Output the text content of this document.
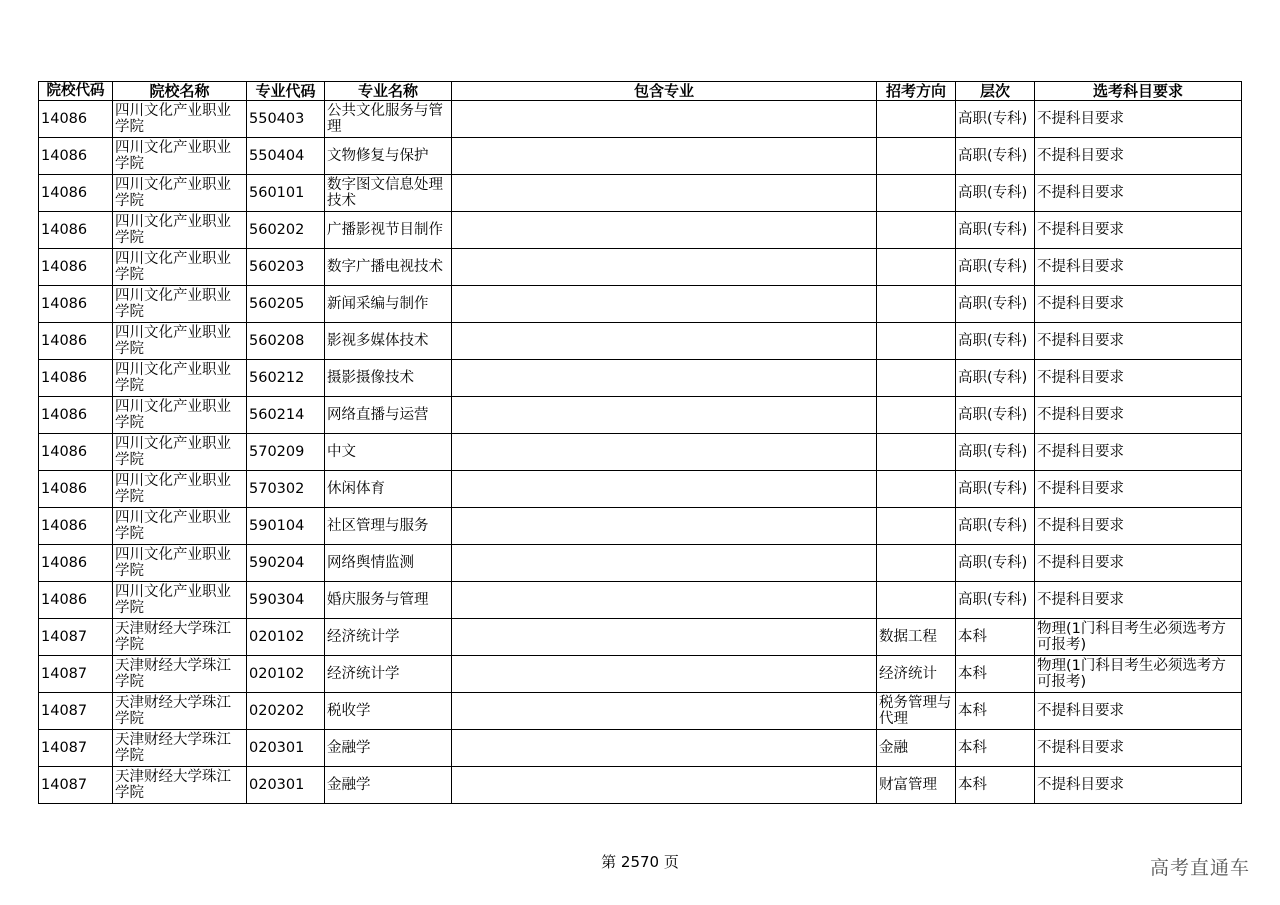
院校代码	院校名称	专业代码	专业名称	包含专业	招考方向	层次	选考科目要求
14086	四川文化产业职业学院	550403	公共文化服务与管理			高职(专科)	不提科目要求
14086	四川文化产业职业学院	550404	文物修复与保护			高职(专科)	不提科目要求
14086	四川文化产业职业学院	560101	数字图文信息处理技术			高职(专科)	不提科目要求
14086	四川文化产业职业学院	560202	广播影视节目制作			高职(专科)	不提科目要求
14086	四川文化产业职业学院	560203	数字广播电视技术			高职(专科)	不提科目要求
14086	四川文化产业职业学院	560205	新闻采编与制作			高职(专科)	不提科目要求
14086	四川文化产业职业学院	560208	影视多媒体技术			高职(专科)	不提科目要求
14086	四川文化产业职业学院	560212	摄影摄像技术			高职(专科)	不提科目要求
14086	四川文化产业职业学院	560214	网络直播与运营			高职(专科)	不提科目要求
14086	四川文化产业职业学院	570209	中文			高职(专科)	不提科目要求
14086	四川文化产业职业学院	570302	休闲体育			高职(专科)	不提科目要求
14086	四川文化产业职业学院	590104	社区管理与服务			高职(专科)	不提科目要求
14086	四川文化产业职业学院	590204	网络舆情监测			高职(专科)	不提科目要求
14086	四川文化产业职业学院	590304	婚庆服务与管理			高职(专科)	不提科目要求
14087	天津财经大学珠江学院	020102	经济统计学		数据工程	本科	物理(1门科目考生必须选考方可报考)
14087	天津财经大学珠江学院	020102	经济统计学		经济统计	本科	物理(1门科目考生必须选考方可报考)
14087	天津财经大学珠江学院	020202	税收学		税务管理与代理	本科	不提科目要求
14087	天津财经大学珠江学院	020301	金融学		金融	本科	不提科目要求
14087	天津财经大学珠江学院	020301	金融学		财富管理	本科	不提科目要求
第 2570 页	高考直通车
